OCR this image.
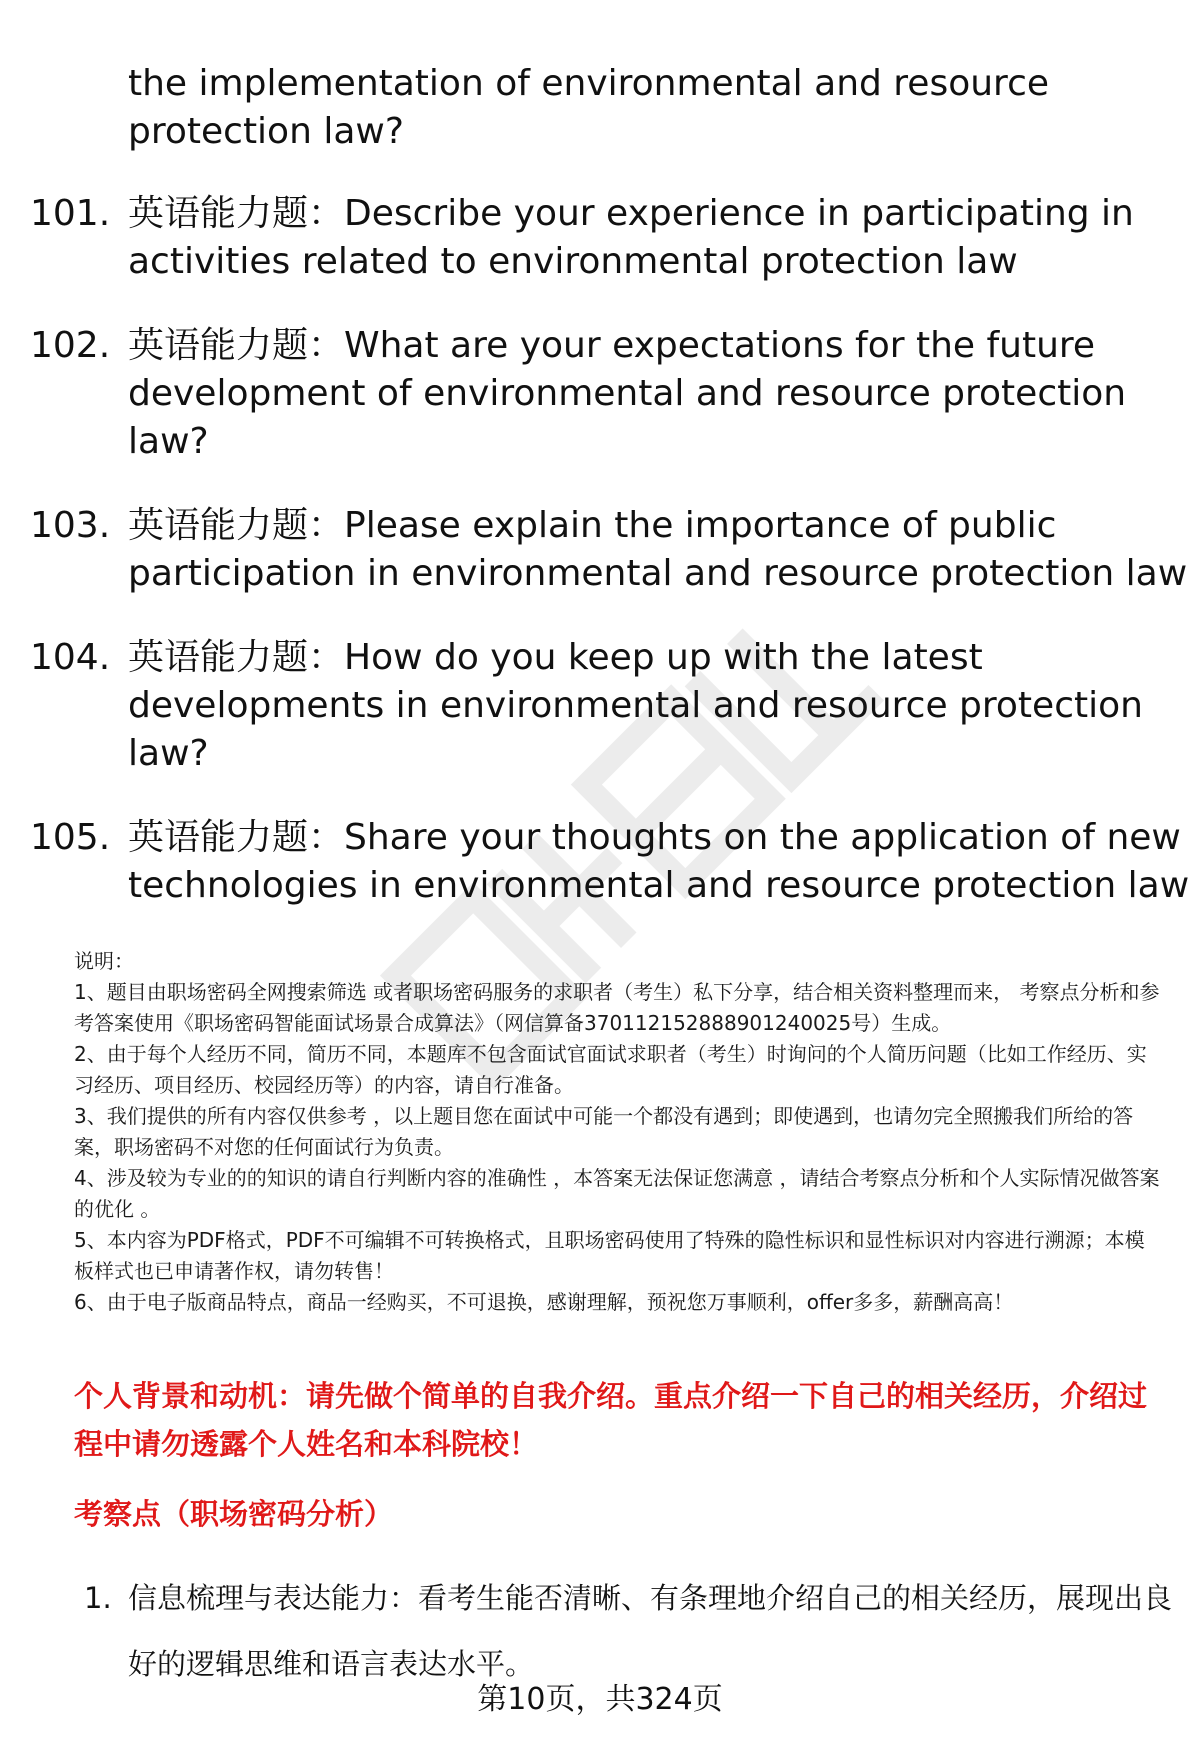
the implementation of environmental and resource protection law?
101. 英语能力题：Describe your experience in participating in activities related to environmental protection law
102. 英语能力题：What are your expectations for the future development of environmental and resource protection law?
103. 英语能力题：Please explain the importance of public participation in environmental and resource protection law
104. 英语能力题：How do you keep up with the latest developments in environmental and resource protection law?
105. 英语能力题：Share your thoughts on the application of new technologies in environmental and resource protection law

说明：

1、题目由职场密码全网搜索筛选 或者职场密码服务的求职者（考生）私下分享，结合相关资料整理而来， 考察点分析和参考答案使用《职场密码智能面试场景合成算法》（网信算备370112152888901240025号）生成。

2、由于每个人经历不同，简历不同，本题库不包含面试官面试求职者（考生）时询问的个人简历问题（比如工作经历、实习经历、项目经历、校园经历等）的内容，请自行准备。

3、我们提供的所有内容仅供参考 ，以上题目您在面试中可能一个都没有遇到；即使遇到，也请勿完全照搬我们所给的答案，职场密码不对您的任何面试行为负责。

4、涉及较为专业的的知识的请自行判断内容的准确性 ，本答案无法保证您满意 ，请结合考察点分析和个人实际情况做答案的优化 。

5、本内容为PDF格式，PDF不可编辑不可转换格式，且职场密码使用了特殊的隐性标识和显性标识对内容进行溯源；本模板样式也已申请著作权，请勿转售！

6、由于电子版商品特点，商品一经购买，不可退换，感谢理解，预祝您万事顺利，offer多多，薪酬高高！

个人背景和动机：请先做个简单的自我介绍。重点介绍一下自己的相关经历，介绍过程中请勿透露个人姓名和本科院校！
考察点（职场密码分析）
1. 信息梳理与表达能力：看考生能否清晰、有条理地介绍自己的相关经历，展现出良好的逻辑思维和语言表达水平。
第10页，共324页
